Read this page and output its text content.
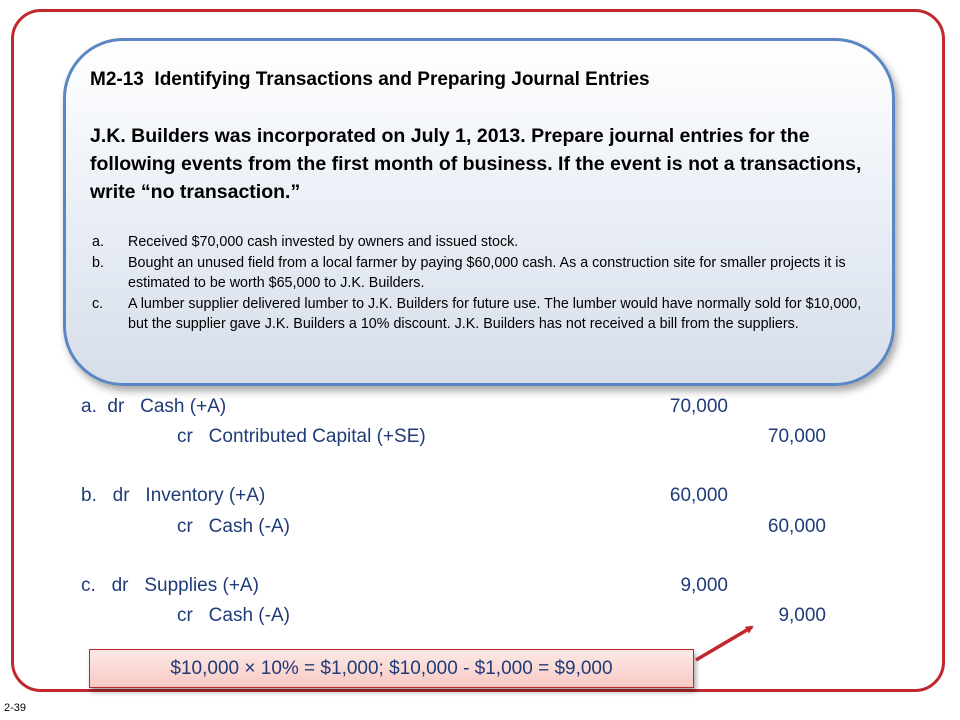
M2-13  Identifying Transactions and Preparing Journal Entries

J.K. Builders was incorporated on July 1, 2013. Prepare journal entries for the following events from the first month of business. If the event is not a transactions, write “no transaction.”

a.	Received $70,000 cash invested by owners and issued stock.
b.	Bought an unused field from a local farmer by paying $60,000 cash. As a construction site for smaller projects it is estimated to be worth $65,000 to J.K. Builders.
c.	A lumber supplier delivered lumber to J.K. Builders for future use. The lumber would have normally sold for $10,000, but the supplier gave J.K. Builders a 10% discount. J.K. Builders has not received a bill from the suppliers.

a.  dr   Cash (+A)	70,000

cr   Contributed Capital (+SE)	70,000

b.   dr   Inventory (+A)	60,000

cr   Cash (-A)	60,000

c.   dr   Supplies (+A)	9,000

cr   Cash (-A)	9,000
$10,000 × 10% = $1,000; $10,000 - $1,000 = $9,000
2-39
